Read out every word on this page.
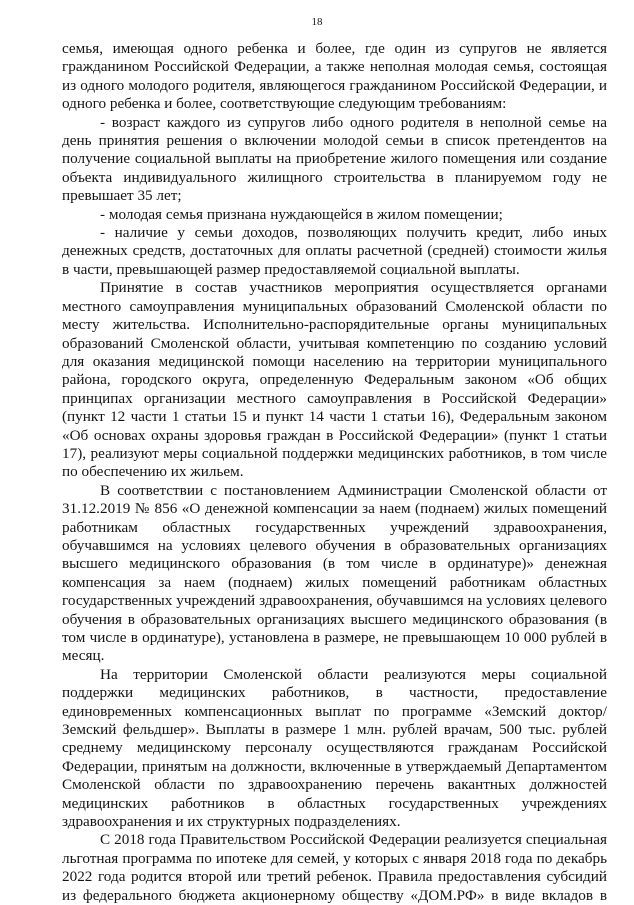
18

семья, имеющая одного ребенка и более, где один из супругов не является гражданином Российской Федерации, а также неполная молодая семья, состоящая из одного молодого родителя, являющегося гражданином Российской Федерации, и одного ребенка и более, соответствующие следующим требованиям:

- возраст каждого из супругов либо одного родителя в неполной семье на день принятия решения о включении молодой семьи в список претендентов на получение социальной выплаты на приобретение жилого помещения или создание объекта индивидуального жилищного строительства в планируемом году не превышает 35 лет;

- молодая семья признана нуждающейся в жилом помещении;

- наличие у семьи доходов, позволяющих получить кредит, либо иных денежных средств, достаточных для оплаты расчетной (средней) стоимости жилья в части, превышающей размер предоставляемой социальной выплаты.

Принятие в состав участников мероприятия осуществляется органами местного самоуправления муниципальных образований Смоленской области по месту жительства. Исполнительно-распорядительные органы муниципальных образований Смоленской области, учитывая компетенцию по созданию условий для оказания медицинской помощи населению на территории муниципального района, городского округа, определенную Федеральным законом «Об общих принципах организации местного самоуправления в Российской Федерации» (пункт 12 части 1 статьи 15 и пункт 14 части 1 статьи 16), Федеральным законом «Об основах охраны здоровья граждан в Российской Федерации» (пункт 1 статьи 17), реализуют меры социальной поддержки медицинских работников, в том числе по обеспечению их жильем.

В соответствии с постановлением Администрации Смоленской области от 31.12.2019 № 856 «О денежной компенсации за наем (поднаем) жилых помещений работникам областных государственных учреждений здравоохранения, обучавшимся на условиях целевого обучения в образовательных организациях высшего медицинского образования (в том числе в ординатуре)» денежная компенсация за наем (поднаем) жилых помещений работникам областных государственных учреждений здравоохранения, обучавшимся на условиях целевого обучения в образовательных организациях высшего медицинского образования (в том числе в ординатуре), установлена в размере, не превышающем 10 000 рублей в месяц.

На территории Смоленской области реализуются меры социальной поддержки медицинских работников, в частности, предоставление единовременных компенсационных выплат по программе «Земский доктор/Земский фельдшер». Выплаты в размере 1 млн. рублей врачам, 500 тыс. рублей среднему медицинскому персоналу осуществляются гражданам Российской Федерации, принятым на должности, включенные в утверждаемый Департаментом Смоленской области по здравоохранению перечень вакантных должностей медицинских работников в областных государственных учреждениях здравоохранения и их структурных подразделениях.

С 2018 года Правительством Российской Федерации реализуется специальная льготная программа по ипотеке для семей, у которых с января 2018 года по декабрь 2022 года родится второй или третий ребенок. Правила предоставления субсидий из федерального бюджета акционерному обществу «ДОМ.РФ» в виде вкладов в
